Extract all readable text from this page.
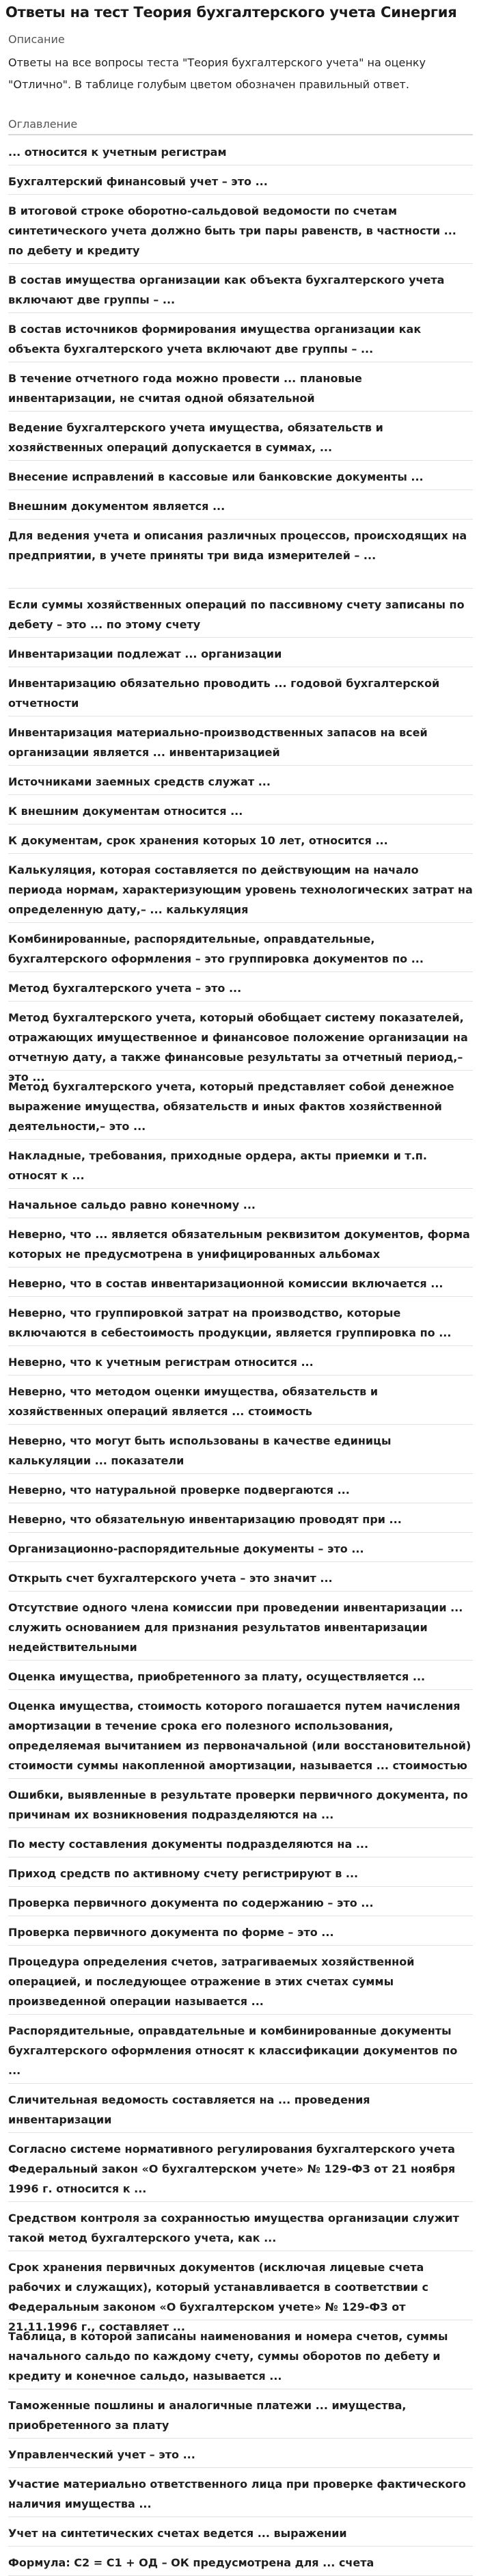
Ответы на тест Теория бухгалтерского учета Синергия
Описание
Ответы на все вопросы теста "Теория бухгалтерского учета" на оценку "Отлично". В таблице голубым цветом обозначен правильный ответ.
Оглавление
... относится к учетным регистрам
Бухгалтерский финансовый учет – это ...
В итоговой строке оборотно-сальдовой ведомости по счетам синтетического учета должно быть три пары равенств, в частности ... по дебету и кредиту
В состав имущества организации как объекта бухгалтерского учета включают две группы – ...
В состав источников формирования имущества организации как объекта бухгалтерского учета включают две группы – ...
В течение отчетного года можно провести ... плановые инвентаризации, не считая одной обязательной
Ведение бухгалтерского учета имущества, обязательств и хозяйственных операций допускается в суммах, ...
Внесение исправлений в кассовые или банковские документы ...
Внешним документом является ...
Для ведения учета и описания различных процессов, происходящих на предприятии, в учете приняты три вида измерителей – ...
Если суммы хозяйственных операций по пассивному счету записаны по дебету – это ... по этому счету
Инвентаризации подлежат ... организации
Инвентаризацию обязательно проводить ... годовой бухгалтерской отчетности
Инвентаризация материально-производственных запасов на всей организации является ... инвентаризацией
Источниками заемных средств служат ...
К внешним документам относится ...
К документам, срок хранения которых 10 лет, относится ...
Калькуляция, которая составляется по действующим на начало периода нормам, характеризующим уровень технологических затрат на определенную дату,– ... калькуляция
Комбинированные, распорядительные, оправдательные, бухгалтерского оформления – это группировка документов по ...
Метод бухгалтерского учета – это ...
Метод бухгалтерского учета, который обобщает систему показателей, отражающих имущественное и финансовое положение организации на отчетную дату, а также финансовые результаты за отчетный период,– это ...
Метод бухгалтерского учета, который представляет собой денежное выражение имущества, обязательств и иных фактов хозяйственной деятельности,– это ...
Накладные, требования, приходные ордера, акты приемки и т.п. относят к ...
Начальное сальдо равно конечному ...
Неверно, что ... является обязательным реквизитом документов, форма которых не предусмотрена в унифицированных альбомах
Неверно, что в состав инвентаризационной комиссии включается ...
Неверно, что группировкой затрат на производство, которые включаются в себестоимость продукции, является группировка по ...
Неверно, что к учетным регистрам относится ...
Неверно, что методом оценки имущества, обязательств и хозяйственных операций является ... стоимость
Неверно, что могут быть использованы в качестве единицы калькуляции ... показатели
Неверно, что натуральной проверке подвергаются ...
Неверно, что обязательную инвентаризацию проводят при ...
Организационно-распорядительные документы – это ...
Открыть счет бухгалтерского учета – это значит ...
Отсутствие одного члена комиссии при проведении инвентаризации ... служить основанием для признания результатов инвентаризации недействительными
Оценка имущества, приобретенного за плату, осуществляется ...
Оценка имущества, стоимость которого погашается путем начисления амортизации в течение срока его полезного использования, определяемая вычитанием из первоначальной (или восстановительной) стоимости суммы накопленной амортизации, называется ... стоимостью
Ошибки, выявленные в результате проверки первичного документа, по причинам их возникновения подразделяются на ...
По месту составления документы подразделяются на ...
Приход средств по активному счету регистрируют в ...
Проверка первичного документа по содержанию – это ...
Проверка первичного документа по форме – это ...
Процедура определения счетов, затрагиваемых хозяйственной операцией, и последующее отражение в этих счетах суммы произведенной операции называется ...
Распорядительные, оправдательные и комбинированные документы бухгалтерского оформления относят к классификации документов по ...
Сличительная ведомость составляется на ... проведения инвентаризации
Согласно системе нормативного регулирования бухгалтерского учета Федеральный закон «О бухгалтерском учете» № 129-ФЗ от 21 ноября 1996 г. относится к ...
Средством контроля за сохранностью имущества организации служит такой метод бухгалтерского учета, как ...
Срок хранения первичных документов (исключая лицевые счета рабочих и служащих), который устанавливается в соответствии с Федеральным законом «О бухгалтерском учете» № 129-ФЗ от 21.11.1996 г., составляет ...
Таблица, в которой записаны наименования и номера счетов, суммы начального сальдо по каждому счету, суммы оборотов по дебету и кредиту и конечное сальдо, называется ...
Таможенные пошлины и аналогичные платежи ... имущества, приобретенного за плату
Управленческий учет – это ...
Участие материально ответственного лица при проверке фактического наличия имущества ...
Учет на синтетических счетах ведется ... выражении
Формула: С2 = С1 + ОД – ОК предусмотрена для ... счета
